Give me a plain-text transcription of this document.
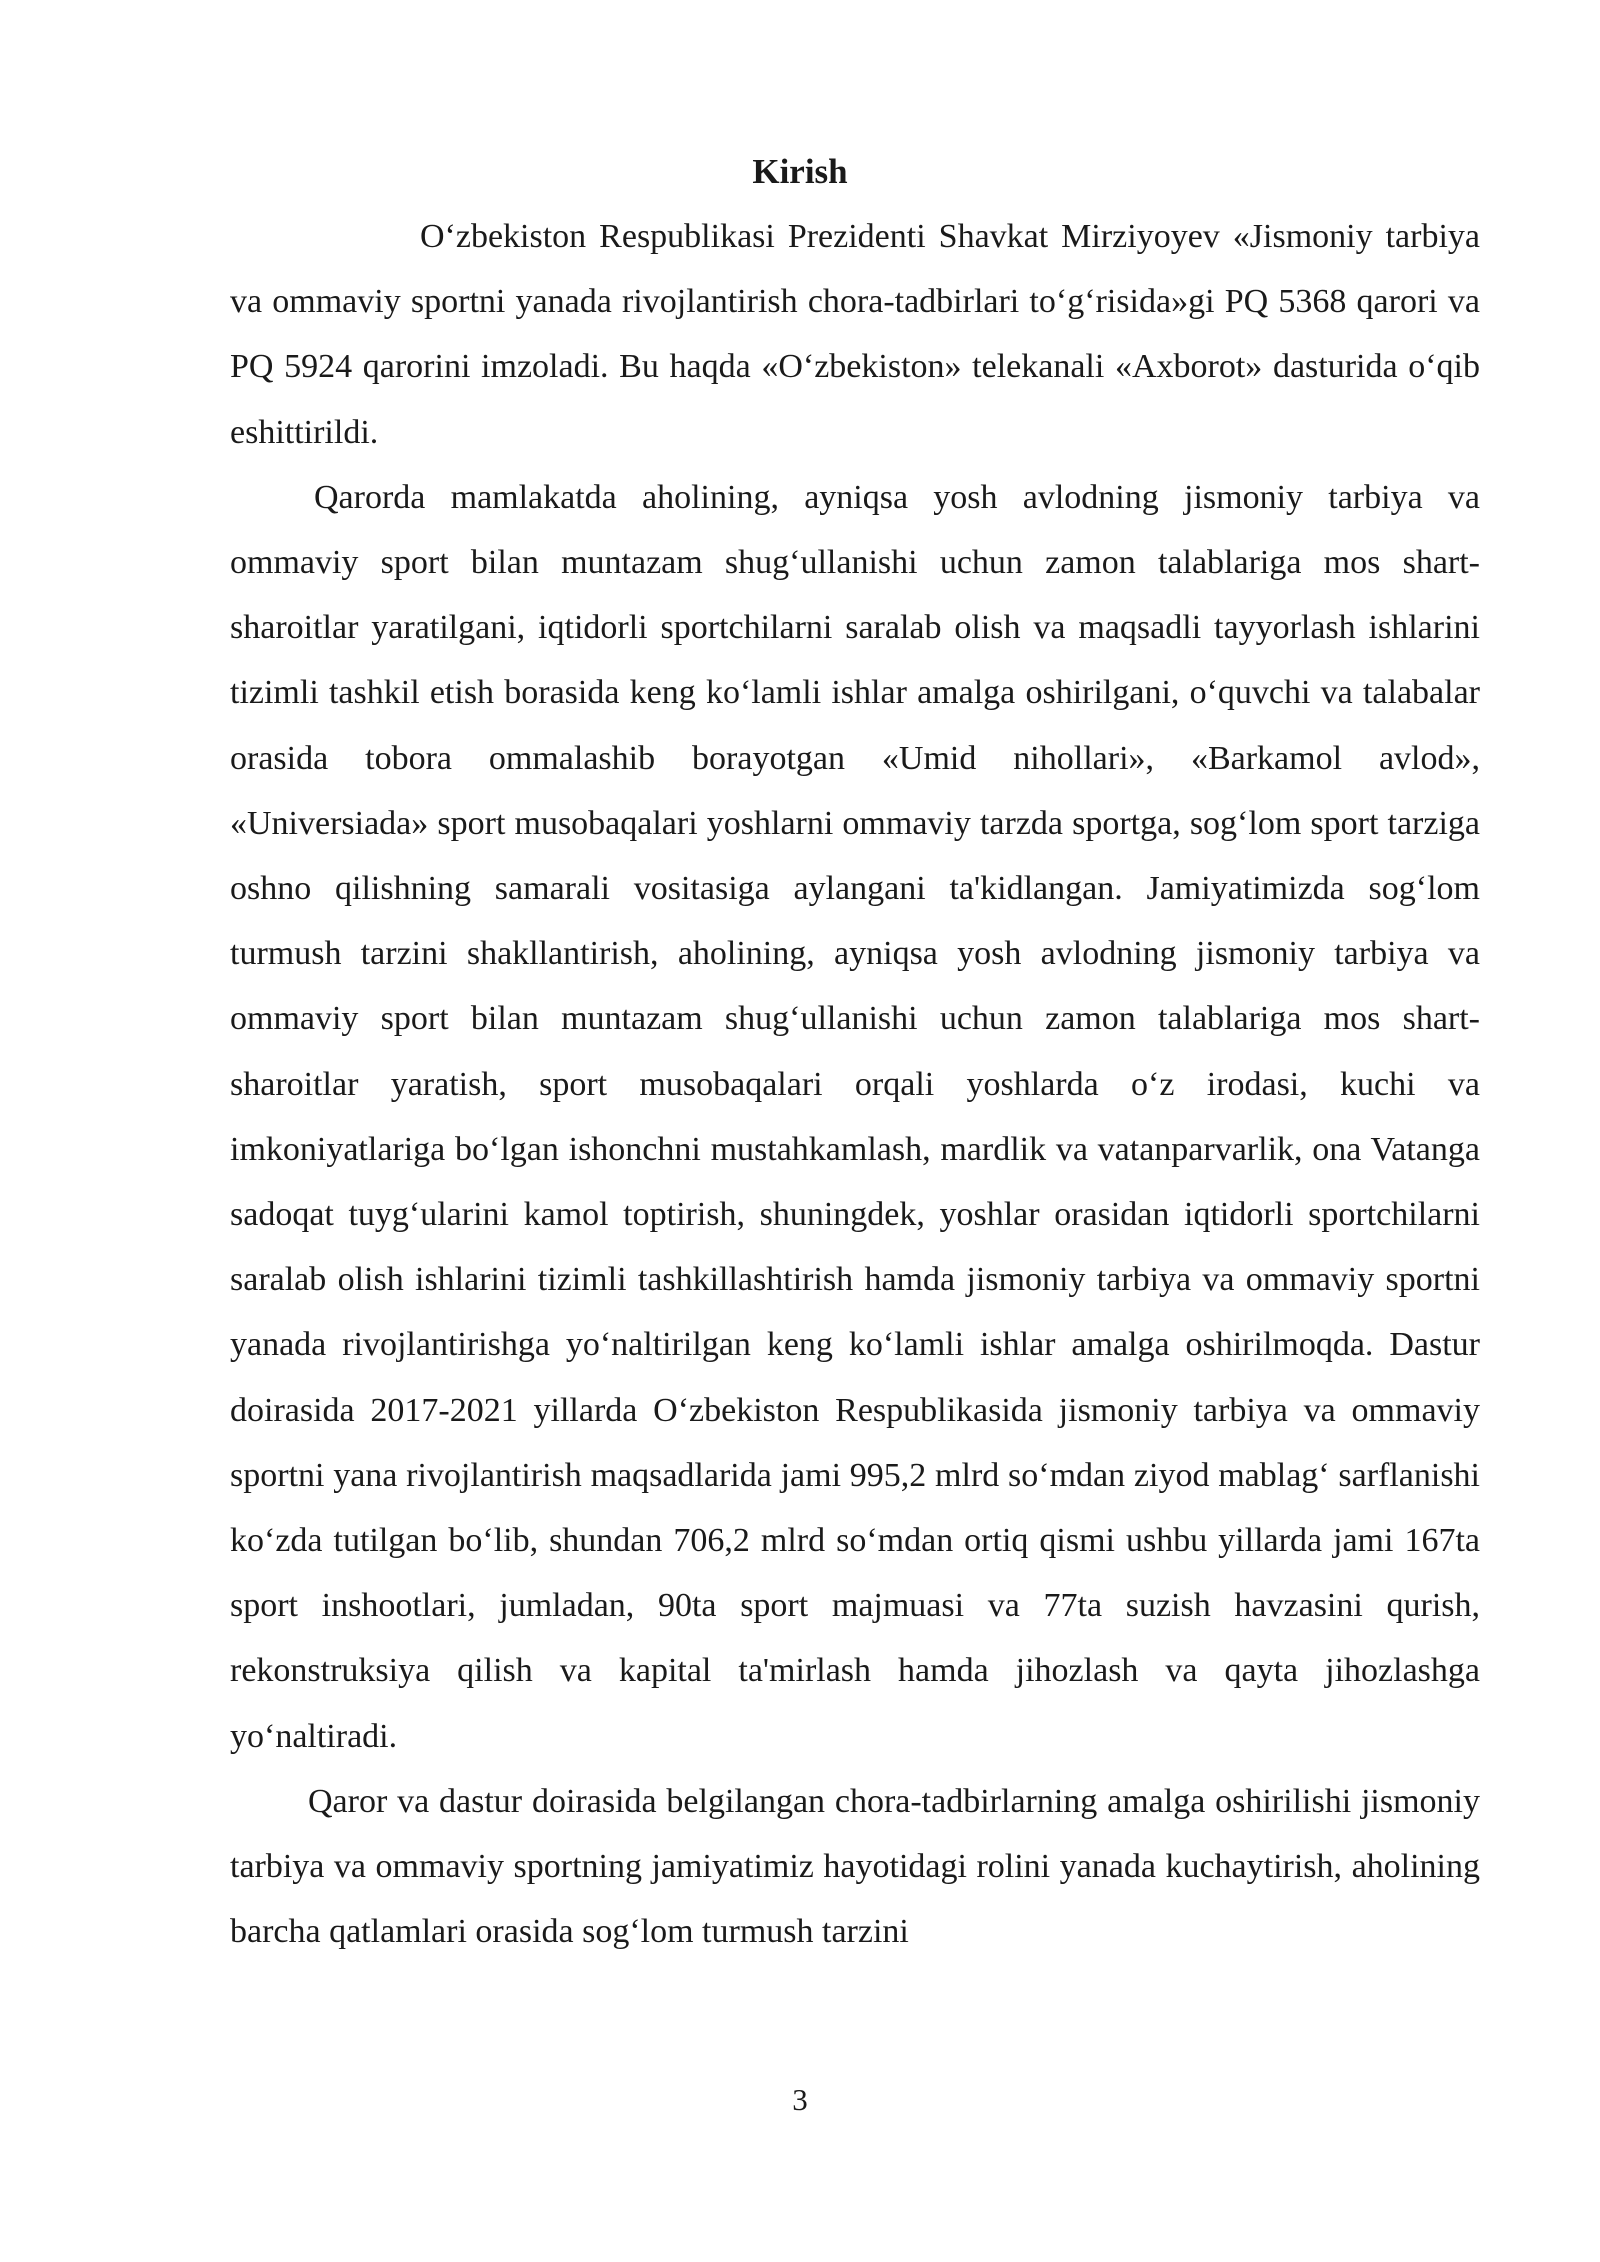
Kirish

O‘zbekiston Respublikasi Prezidenti Shavkat Mirziyoyev «Jismoniy tarbiya va ommaviy sportni yanada rivojlantirish chora-tadbirlari to‘g‘risida»gi PQ 5368 qarori va PQ 5924 qarorini imzoladi. Bu haqda «O‘zbekiston» telekanali «Axborot» dasturida o‘qib eshittirildi.

Qarorda mamlakatda aholining, ayniqsa yosh avlodning jismoniy tarbiya va ommaviy sport bilan muntazam shug‘ullanishi uchun zamon talablariga mos shart-sharoitlar yaratilgani, iqtidorli sportchilarni saralab olish va maqsadli tayyorlash ishlarini tizimli tashkil etish borasida keng ko‘lamli ishlar amalga oshirilgani, o‘quvchi va talabalar orasida tobora ommalashib borayotgan «Umid nihollari», «Barkamol avlod», «Universiada» sport musobaqalari yoshlarni ommaviy tarzda sportga, sog‘lom sport tarziga oshno qilishning samarali vositasiga aylangani ta'kidlangan. Jamiyatimizda sog‘lom turmush tarzini shakllantirish, aholining, ayniqsa yosh avlodning jismoniy tarbiya va ommaviy sport bilan muntazam shug‘ullanishi uchun zamon talablariga mos shart-sharoitlar yaratish, sport musobaqalari orqali yoshlarda o‘z irodasi, kuchi va imkoniyatlariga bo‘lgan ishonchni mustahkamlash, mardlik va vatanparvarlik, ona Vatanga sadoqat tuyg‘ularini kamol toptirish, shuningdek, yoshlar orasidan iqtidorli sportchilarni saralab olish ishlarini tizimli tashkillashtirish hamda jismoniy tarbiya va ommaviy sportni yanada rivojlantirishga yo‘naltirilgan keng ko‘lamli ishlar amalga oshirilmoqda. Dastur doirasida 2017-2021 yillarda O‘zbekiston Respublikasida jismoniy tarbiya va ommaviy sportni yana rivojlantirish maqsadlarida jami 995,2 mlrd so‘mdan ziyod mablag‘ sarflanishi ko‘zda tutilgan bo‘lib, shundan 706,2 mlrd so‘mdan ortiq qismi ushbu yillarda jami 167ta sport inshootlari, jumladan, 90ta sport majmuasi va 77ta suzish havzasini qurish, rekonstruksiya qilish va kapital ta'mirlash hamda jihozlash va qayta jihozlashga yo‘naltiradi.

Qaror va dastur doirasida belgilangan chora-tadbirlarning amalga oshirilishi jismoniy tarbiya va ommaviy sportning jamiyatimiz hayotidagi rolini yanada kuchaytirish, aholining barcha qatlamlari orasida sog‘lom turmush tarzini

3
